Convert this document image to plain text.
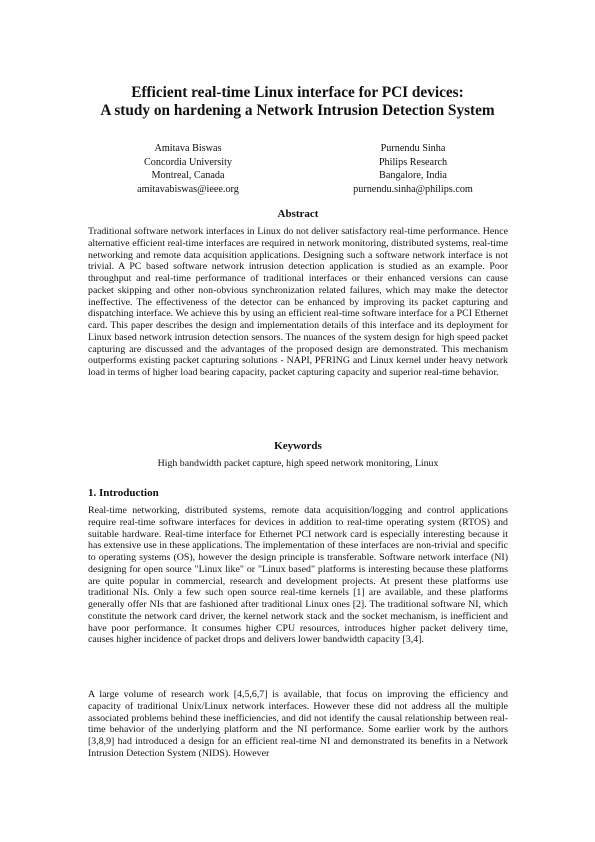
Efficient real-time Linux interface for PCI devices:
A study on hardening a Network Intrusion Detection System
Amitava Biswas
Concordia University
Montreal, Canada
amitavabiswas@ieee.org
Purnendu Sinha
Philips Research
Bangalore, India
purnendu.sinha@philips.com
Abstract

Traditional software network interfaces in Linux do not deliver satisfactory real-time performance. Hence alternative efficient real-time interfaces are required in network monitoring, distributed systems, real-time networking and remote data acquisition applications. Designing such a software network interface is not trivial. A PC based software network intrusion detection application is studied as an example. Poor throughput and real-time performance of traditional interfaces or their enhanced versions can cause packet skipping and other non-obvious synchronization related failures, which may make the detector ineffective. The effectiveness of the detector can be enhanced by improving its packet capturing and dispatching interface. We achieve this by using an efficient real-time software interface for a PCI Ethernet card. This paper describes the design and implementation details of this interface and its deployment for Linux based network intrusion detection sensors. The nuances of the system design for high speed packet capturing are discussed and the advantages of the proposed design are demonstrated. This mechanism outperforms existing packet capturing solutions - NAPI, PFRING and Linux kernel under heavy network load in terms of higher load bearing capacity, packet capturing capacity and superior real-time behavior.

Keywords

High bandwidth packet capture, high speed network monitoring, Linux

1. Introduction

Real-time networking, distributed systems, remote data acquisition/logging and control applications require real-time software interfaces for devices in addition to real-time operating system (RTOS) and suitable hardware. Real-time interface for Ethernet PCI network card is especially interesting because it has extensive use in these applications. The implementation of these interfaces are non-trivial and specific to operating systems (OS), however the design principle is transferable. Software network interface (NI) designing for open source "Linux like" or "Linux based" platforms is interesting because these platforms are quite popular in commercial, research and development projects. At present these platforms use traditional NIs. Only a few such open source real-time kernels [1] are available, and these platforms generally offer NIs that are fashioned after traditional Linux ones [2]. The traditional software NI, which constitute the network card driver, the kernel network stack and the socket mechanism, is inefficient and have poor performance. It consumes higher CPU resources, introduces higher packet delivery time, causes higher incidence of packet drops and delivers lower bandwidth capacity [3,4].

A large volume of research work [4,5,6,7] is available, that focus on improving the efficiency and capacity of traditional Unix/Linux network interfaces. However these did not address all the multiple associated problems behind these inefficiencies, and did not identify the causal relationship between real-time behavior of the underlying platform and the NI performance. Some earlier work by the authors [3,8,9] had introduced a design for an efficient real-time NI and demonstrated its benefits in a Network Intrusion Detection System (NIDS). However
